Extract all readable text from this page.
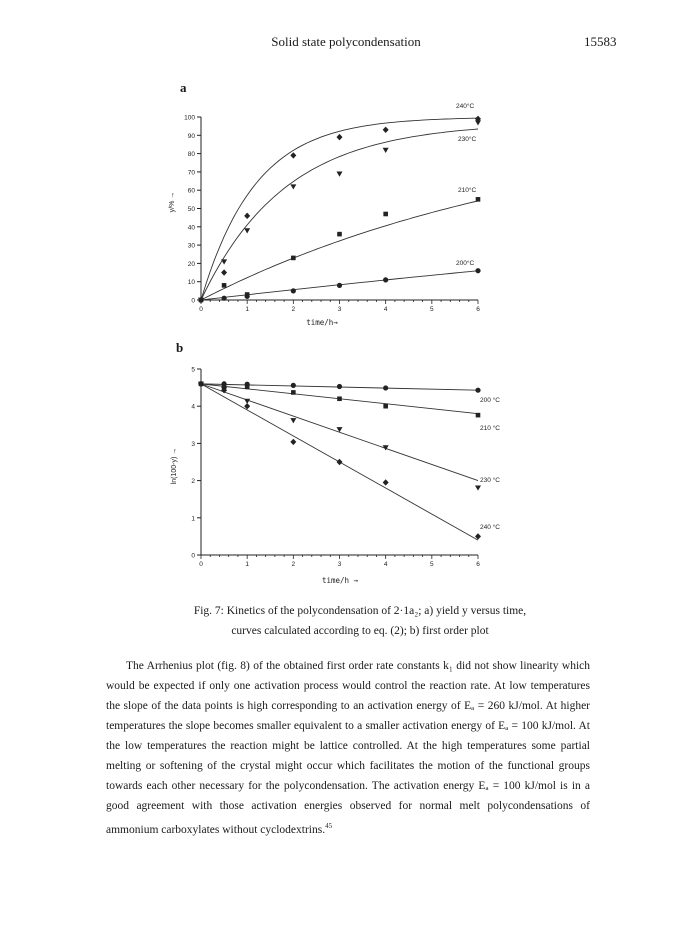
Solid state polycondensation	15583
a
0
10
20
30
40
50
60
70
80
90
100
0	1	2	3	4	5	6
time/h→
y/% →
240°C
230°C
210°C
200°C
b
0
1
2
3
4
5
0	1	2	3	4	5	6
time/h →
ln(100-y) →
200 °C
210 °C
230 °C
240 °C
Fig. 7: Kinetics of the polycondensation of 2·1a₂; a) yield y versus time,
curves calculated according to eq. (2); b) first order plot

The Arrhenius plot (fig. 8) of the obtained first order rate constants k₁ did not show linearity which would be expected if only one activation process would control the reaction rate. At low temperatures the slope of the data points is high corresponding to an activation energy of Eₐ = 260 kJ/mol. At higher temperatures the slope becomes smaller equivalent to a smaller activation energy of Eₐ = 100 kJ/mol. At the low temperatures the reaction might be lattice controlled. At the high temperatures some partial melting or softening of the crystal might occur which facilitates the motion of the functional groups towards each other necessary for the polycondensation. The activation energy Eₐ = 100 kJ/mol is in a good agreement with those activation energies observed for normal melt polycondensations of ammonium carboxylates without cyclodextrins.$^{45}$
